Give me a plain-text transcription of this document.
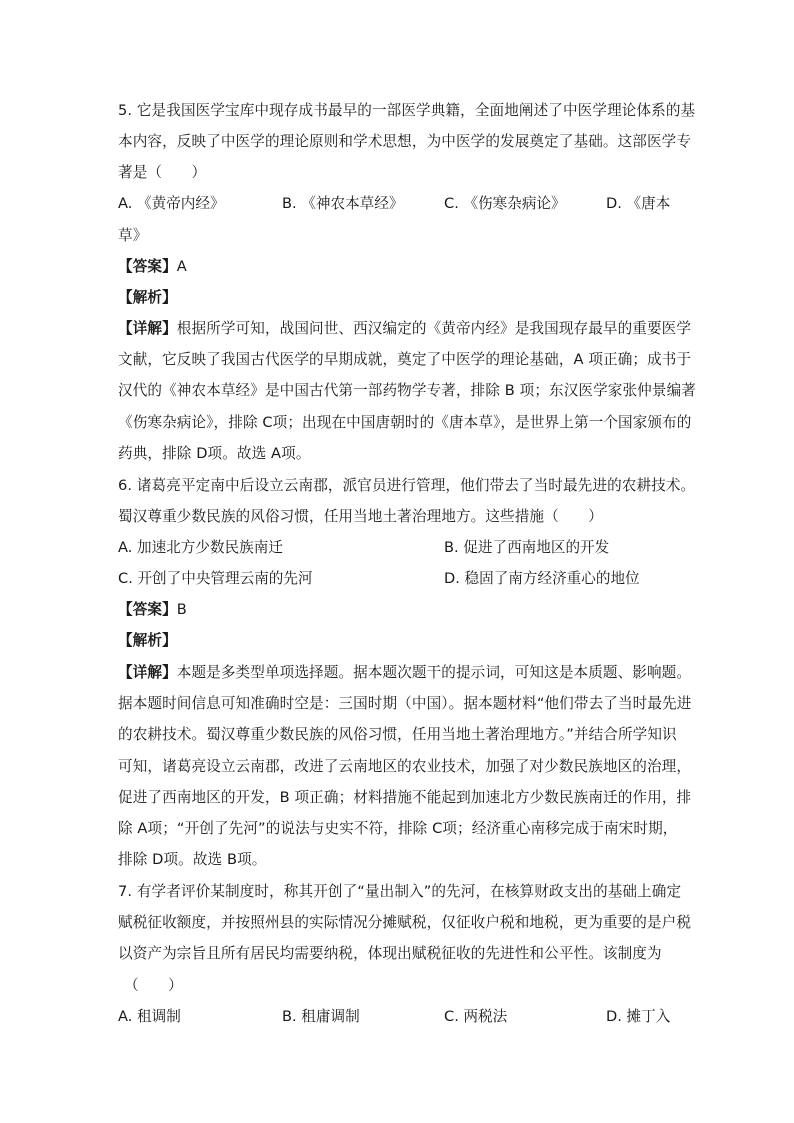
5. 它是我国医学宝库中现存成书最早的一部医学典籍，全面地阐述了中医学理论体系的基
本内容，反映了中医学的理论原则和学术思想，为中医学的发展奠定了基础。这部医学专
著是（　　）
A. 《黄帝内经》	B. 《神农本草经》	C. 《伤寒杂病论》	D. 《唐本
草》
【答案】A
【解析】
【详解】根据所学可知，战国问世、西汉编定的《黄帝内经》是我国现存最早的重要医学
文献，它反映了我国古代医学的早期成就，奠定了中医学的理论基础，A 项正确；成书于
汉代的《神农本草经》是中国古代第一部药物学专著，排除 B 项；东汉医学家张仲景编著
《伤寒杂病论》，排除 C项；出现在中国唐朝时的《唐本草》，是世界上第一个国家颁布的
药典，排除 D项。故选 A项。
6. 诸葛亮平定南中后设立云南郡，派官员进行管理，他们带去了当时最先进的农耕技术。
蜀汉尊重少数民族的风俗习惯，任用当地土著治理地方。这些措施（　　）
A. 加速北方少数民族南迁	B. 促进了西南地区的开发
C. 开创了中央管理云南的先河	D. 稳固了南方经济重心的地位
【答案】B
【解析】
【详解】本题是多类型单项选择题。据本题次题干的提示词，可知这是本质题、影响题。
据本题时间信息可知准确时空是：三国时期（中国）。据本题材料“他们带去了当时最先进
的农耕技术。蜀汉尊重少数民族的风俗习惯，任用当地土著治理地方。”并结合所学知识
可知，诸葛亮设立云南郡，改进了云南地区的农业技术，加强了对少数民族地区的治理，
促进了西南地区的开发，B 项正确；材料措施不能起到加速北方少数民族南迁的作用，排
除 A项；“开创了先河”的说法与史实不符，排除 C项；经济重心南移完成于南宋时期，
排除 D项。故选 B项。
7. 有学者评价某制度时，称其开创了“量出制入”的先河，在核算财政支出的基础上确定
赋税征收额度，并按照州县的实际情况分摊赋税，仅征收户税和地税，更为重要的是户税
以资产为宗旨且所有居民均需要纳税，体现出赋税征收的先进性和公平性。该制度为
（　　）
A. 租调制	B. 租庸调制	C. 两税法	D. 摊丁入
